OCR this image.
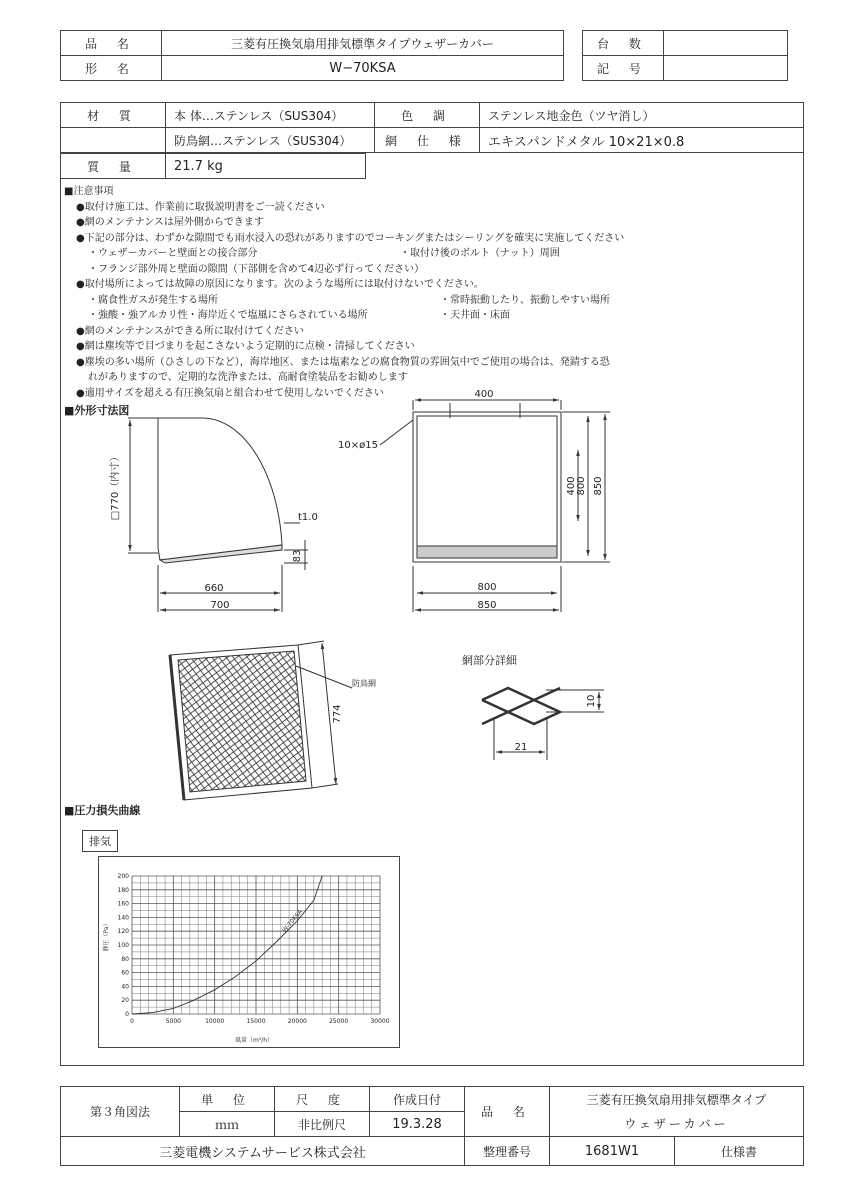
品 名	三菱有圧換気扇用排気標準タイプウェザーカバー
形 名	W−70KSA
台 数	
記 号	
材 質	本 体…ステンレス（SUS304）	色 調	ステンレス地金色（ツヤ消し）
	防鳥網…ステンレス（SUS304）	網 仕 様	エキスパンドメタル 10×21×0.8
質 量	21.7 kg
■注意事項
●取付け施工は、作業前に取扱説明書をご一読ください
●網のメンテナンスは屋外側からできます
●下記の部分は、わずかな隙間でも雨水浸入の恐れがありますのでコーキングまたはシーリングを確実に実施してください
・ウェザーカバーと壁面との接合部分	・取付け後のボルト（ナット）周囲
・フランジ部外周と壁面の隙間（下部側を含めて4辺必ず行ってください）
●取付場所によっては故障の原因になります。次のような場所には取付けないでください。
・腐食性ガスが発生する場所	・常時振動したり、振動しやすい場所
・強酸・強アルカリ性・海岸近くで塩風にさらされている場所	・天井面・床面
●網のメンテナンスができる所に取付けてください
●網は塵埃等で目づまりを起こさないよう定期的に点検・清掃してください
●塵埃の多い場所（ひさしの下など），海岸地区、または塩素などの腐食物質の雰囲気中でご使用の場合は、発錆する恐
れがありますので、定期的な洗浄または、高耐食塗装品をお勧めします
●適用サイズを超える有圧換気扇と組合わせて使用しないでください
■外形寸法図
□770（内寸）	t1.0
83
660
700
400
10×ø15
400 800 850
800
850
774
防鳥網
網部分詳細
10
21
■圧力損失曲線
排気
0	5000	10000	15000	20000	25000	30000
0
20
40
60
80
100
120
140
160
180
200
W-70KSA
静圧（Pa）
風量（m³/h）
第３角図法	単 位	尺 度	作成日付	品 名	三菱有圧換気扇用排気標準タイプ	
	ｍｍ	非比例尺	19.3.28		ウェザーカバー	
三菱電機システムサービス株式会社				整理番号	1681W1	仕様書
